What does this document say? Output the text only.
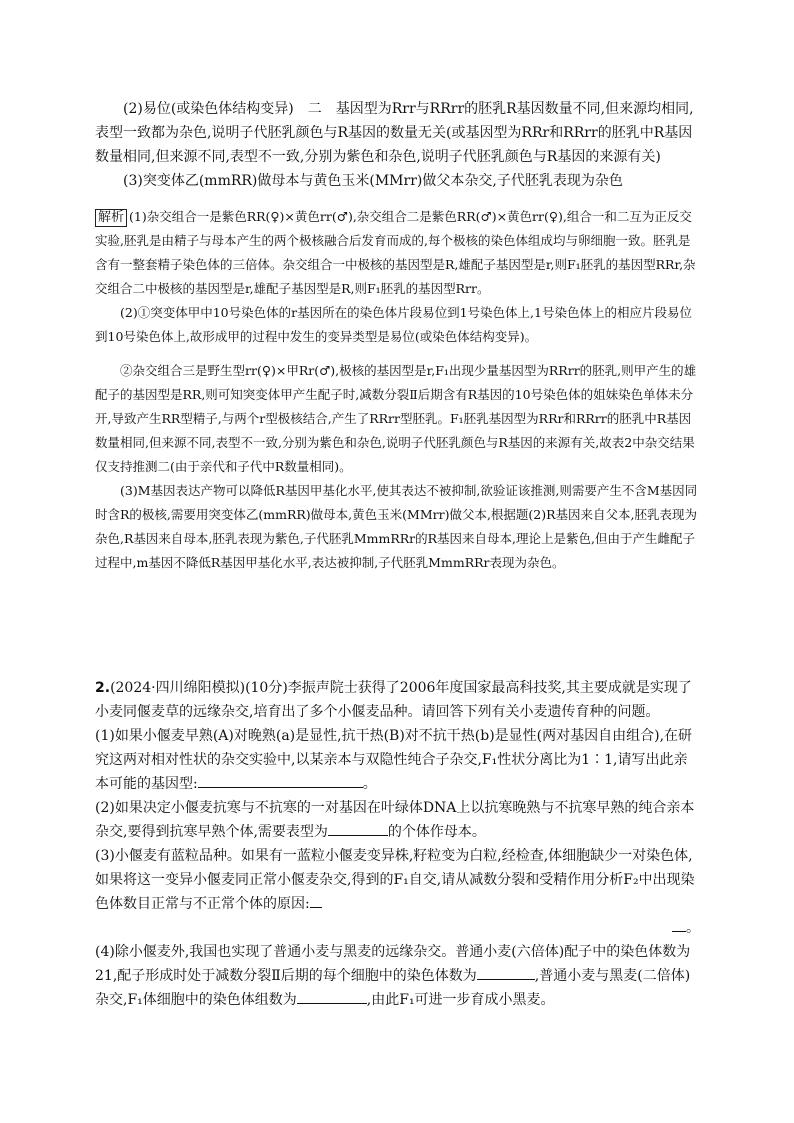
(2)易位(或染色体结构变异)　二　基因型为Rrr与RRrr的胚乳R基因数量不同,但来源均相同,表型一致都为杂色,说明子代胚乳颜色与R基因的数量无关(或基因型为RRr和RRrr的胚乳中R基因数量相同,但来源不同,表型不一致,分别为紫色和杂色,说明子代胚乳颜色与R基因的来源有关)

(3)突变体乙(mmRR)做母本与黄色玉米(MMrr)做父本杂交,子代胚乳表现为杂色

解析 (1)杂交组合一是紫色RR(♀)×黄色rr(♂),杂交组合二是紫色RR(♂)×黄色rr(♀),组合一和二互为正反交实验,胚乳是由精子与母本产生的两个极核融合后发育而成的,每个极核的染色体组成均与卵细胞一致。胚乳是含有一整套精子染色体的三倍体。杂交组合一中极核的基因型是R,雄配子基因型是r,则F₁胚乳的基因型RRr,杂交组合二中极核的基因型是r,雄配子基因型是R,则F₁胚乳的基因型Rrr。

(2)①突变体甲中10号染色体的r基因所在的染色体片段易位到1号染色体上,1号染色体上的相应片段易位到10号染色体上,故形成甲的过程中发生的变异类型是易位(或染色体结构变异)。

②杂交组合三是野生型rr(♀)×甲Rr(♂),极核的基因型是r,F₁出现少量基因型为RRrr的胚乳,则甲产生的雄配子的基因型是RR,则可知突变体甲产生配子时,减数分裂Ⅱ后期含有R基因的10号染色体的姐妹染色单体未分开,导致产生RR型精子,与两个r型极核结合,产生了RRrr型胚乳。F₁胚乳基因型为RRr和RRrr的胚乳中R基因数量相同,但来源不同,表型不一致,分别为紫色和杂色,说明子代胚乳颜色与R基因的来源有关,故表2中杂交结果仅支持推测二(由于亲代和子代中R数量相同)。

(3)M基因表达产物可以降低R基因甲基化水平,使其表达不被抑制,欲验证该推测,则需要产生不含M基因同时含R的极核,需要用突变体乙(mmRR)做母本,黄色玉米(MMrr)做父本,根据题(2)R基因来自父本,胚乳表现为杂色,R基因来自母本,胚乳表现为紫色,子代胚乳MmmRRr的R基因来自母本,理论上是紫色,但由于产生雌配子过程中,m基因不降低R基因甲基化水平,表达被抑制,子代胚乳MmmRRr表现为杂色。

2.(2024·四川绵阳模拟)(10分)李振声院士获得了2006年度国家最高科技奖,其主要成就是实现了小麦同偃麦草的远缘杂交,培育出了多个小偃麦品种。请回答下列有关小麦遗传育种的问题。

(1)如果小偃麦早熟(A)对晚熟(a)是显性,抗干热(B)对不抗干热(b)是显性(两对基因自由组合),在研究这两对相对性状的杂交实验中,以某亲本与双隐性纯合子杂交,F₁性状分离比为1∶1,请写出此亲本可能的基因型:	。

(2)如果决定小偃麦抗寒与不抗寒的一对基因在叶绿体DNA上以抗寒晚熟与不抗寒早熟的纯合亲本杂交,要得到抗寒早熟个体,需要表型为	的个体作母本。

(3)小偃麦有蓝粒品种。如果有一蓝粒小偃麦变异株,籽粒变为白粒,经检查,体细胞缺少一对染色体,如果将这一变异小偃麦同正常小偃麦杂交,得到的F₁自交,请从减数分裂和受精作用分析F₂中出现染色体数目正常与不正常个体的原因:

。

(4)除小偃麦外,我国也实现了普通小麦与黑麦的远缘杂交。普通小麦(六倍体)配子中的染色体数为21,配子形成时处于减数分裂Ⅱ后期的每个细胞中的染色体数为	,普通小麦与黑麦(二倍体)杂交,F₁体细胞中的染色体组数为	,由此F₁可进一步育成小黑麦。
